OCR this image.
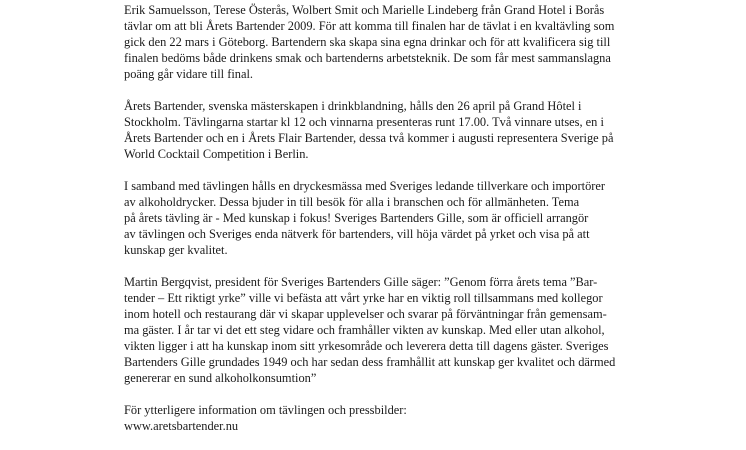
Erik Samuelsson, Terese Österås, Wolbert Smit och Marielle Lindeberg från Grand Hotel i Borås
tävlar om att bli Årets Bartender 2009. För att komma till finalen har de tävlat i en kvaltävling som
gick den 22 mars i Göteborg. Bartendern ska skapa sina egna drinkar och för att kvalificera sig till
finalen bedöms både drinkens smak och bartenderns arbetsteknik. De som får mest sammanslagna
poäng går vidare till final.
Årets Bartender, svenska mästerskapen i drinkblandning, hålls den 26 april på Grand Hôtel i
Stockholm. Tävlingarna startar kl 12 och vinnarna presenteras runt 17.00. Två vinnare utses, en i
Årets Bartender och en i Årets Flair Bartender, dessa två kommer i augusti representera Sverige på
World Cocktail Competition i Berlin.
I samband med tävlingen hålls en dryckesmässa med Sveriges ledande tillverkare och importörer
av alkoholdrycker. Dessa bjuder in till besök för alla i branschen och för allmänheten. Tema
på årets tävling är - Med kunskap i fokus! Sveriges Bartenders Gille, som är officiell arrangör
av tävlingen och Sveriges enda nätverk för bartenders, vill höja värdet på yrket och visa på att
kunskap ger kvalitet.
Martin Bergqvist, president för Sveriges Bartenders Gille säger: ”Genom förra årets tema ”Bar-
tender – Ett riktigt yrke” ville vi befästa att vårt yrke har en viktig roll tillsammans med kollegor
inom hotell och restaurang där vi skapar upplevelser och svarar på förväntningar från gemensam-
ma gäster. I år tar vi det ett steg vidare och framhåller vikten av kunskap. Med eller utan alkohol,
vikten ligger i att ha kunskap inom sitt yrkesområde och leverera detta till dagens gäster. Sveriges
Bartenders Gille grundades 1949 och har sedan dess framhållit att kunskap ger kvalitet och därmed
genererar en sund alkoholkonsumtion”
För ytterligere information om tävlingen och pressbilder:
www.aretsbartender.nu
